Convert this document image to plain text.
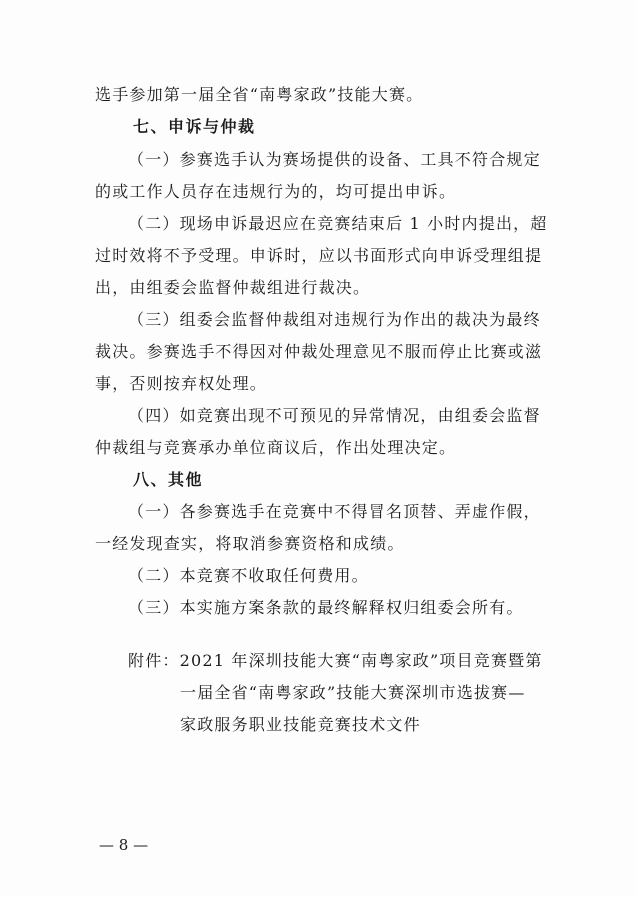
选手参加第一届全省“南粤家政”技能大赛。
七、申诉与仲裁
（一）参赛选手认为赛场提供的设备、工具不符合规定
的或工作人员存在违规行为的，均可提出申诉。
（二）现场申诉最迟应在竞赛结束后 1 小时内提出，超
过时效将不予受理。申诉时，应以书面形式向申诉受理组提
出，由组委会监督仲裁组进行裁决。
（三）组委会监督仲裁组对违规行为作出的裁决为最终
裁决。参赛选手不得因对仲裁处理意见不服而停止比赛或滋
事，否则按弃权处理。
（四）如竞赛出现不可预见的异常情况，由组委会监督
仲裁组与竞赛承办单位商议后，作出处理决定。
八、其他
（一）各参赛选手在竞赛中不得冒名顶替、弄虚作假，
一经发现查实，将取消参赛资格和成绩。
（二）本竞赛不收取任何费用。
（三）本实施方案条款的最终解释权归组委会所有。
附件：2021 年深圳技能大赛“南粤家政”项目竞赛暨第
一届全省“南粤家政”技能大赛深圳市选拔赛—
家政服务职业技能竞赛技术文件
— 8 —
